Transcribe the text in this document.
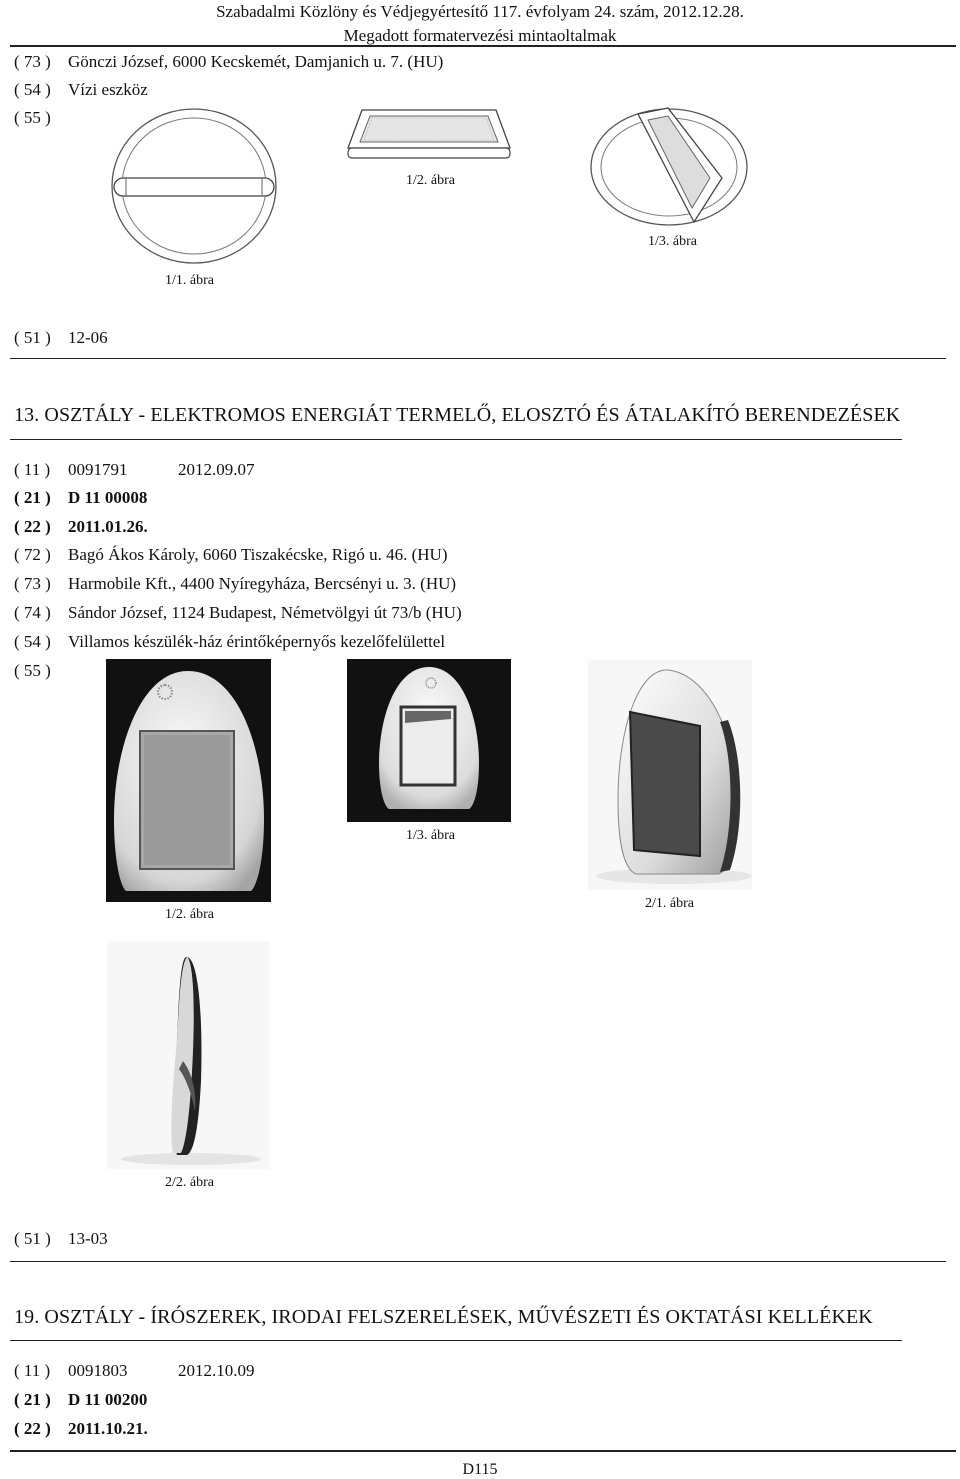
Szabadalmi Közlöny és Védjegyértesítő 117. évfolyam 24. szám, 2012.12.28.
Megadott formatervezési mintaoltalmak
( 73 ) Gönczi József, 6000 Kecskemét, Damjanich u. 7. (HU)
( 54 ) Vízi eszköz
( 55 )
1/1. ábra
1/2. ábra
1/3. ábra
( 51 ) 12-06
13. OSZTÁLY - ELEKTROMOS ENERGIÁT TERMELŐ, ELOSZTÓ ÉS ÁTALAKÍTÓ BERENDEZÉSEK
( 11 ) 0091791	2012.09.07
( 21 ) D 11 00008
( 22 ) 2011.01.26.
( 72 ) Bagó Ákos Károly, 6060 Tiszakécske, Rigó u. 46. (HU)
( 73 ) Harmobile Kft., 4400 Nyíregyháza, Bercsényi u. 3. (HU)
( 74 ) Sándor József, 1124 Budapest, Németvölgyi út 73/b (HU)
( 54 ) Villamos készülék-ház érintőképernyős kezelőfelülettel
( 55 )
1/2. ábra
1/3. ábra
2/1. ábra
2/2. ábra
( 51 ) 13-03
19. OSZTÁLY - ÍRÓSZEREK, IRODAI FELSZERELÉSEK, MŰVÉSZETI ÉS OKTATÁSI KELLÉKEK
( 11 ) 0091803	2012.10.09
( 21 ) D 11 00200
( 22 ) 2011.10.21.
D115
